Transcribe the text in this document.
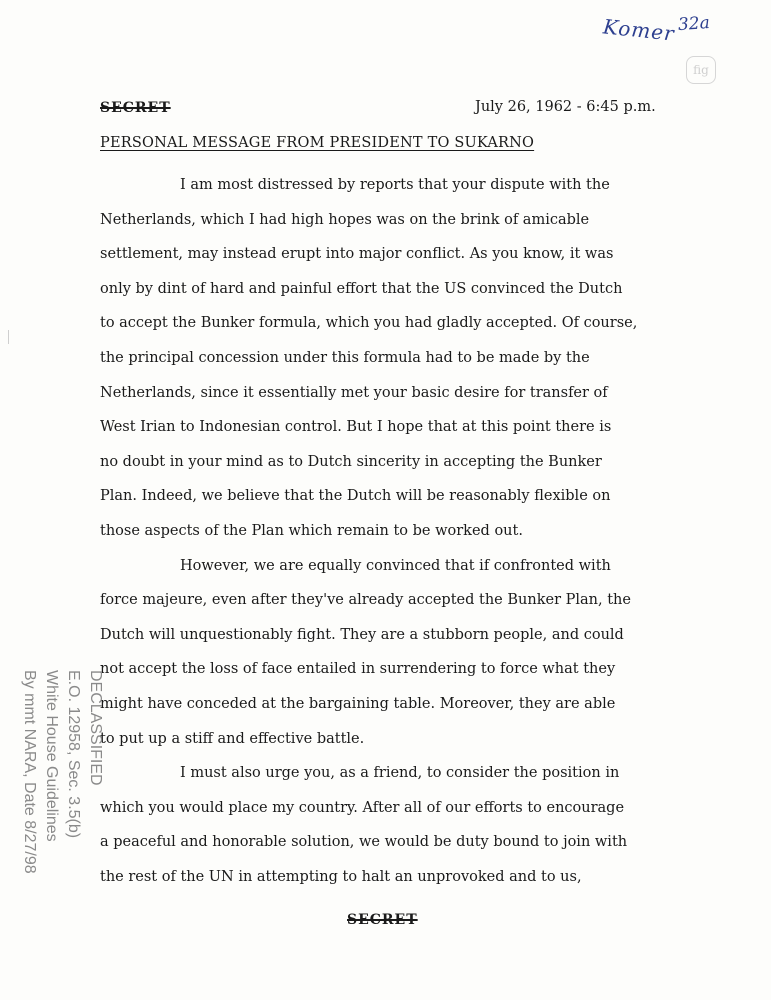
Komer 32a
fig
SECRET	July 26, 1962 - 6:45 p.m.
PERSONAL MESSAGE FROM PRESIDENT TO SUKARNO
I am most distressed by reports that your dispute with the
Netherlands, which I had high hopes was on the brink of amicable
settlement, may instead erupt into major conflict. As you know, it was
only by dint of hard and painful effort that the US convinced the Dutch
to accept the Bunker formula, which you had gladly accepted. Of course,
the principal concession under this formula had to be made by the
Netherlands, since it essentially met your basic desire for transfer of
West Irian to Indonesian control. But I hope that at this point there is
no doubt in your mind as to Dutch sincerity in accepting the Bunker
Plan. Indeed, we believe that the Dutch will be reasonably flexible on
those aspects of the Plan which remain to be worked out.
However, we are equally convinced that if confronted with
force majeure, even after they've already accepted the Bunker Plan, the
Dutch will unquestionably fight. They are a stubborn people, and could
not accept the loss of face entailed in surrendering to force what they
might have conceded at the bargaining table. Moreover, they are able
to put up a stiff and effective battle.
I must also urge you, as a friend, to consider the position in
which you would place my country. After all of our efforts to encourage
a peaceful and honorable solution, we would be duty bound to join with
the rest of the UN in attempting to halt an unprovoked and to us,
SECRET
DECLASSIFIED
E.O. 12958, Sec. 3.5(b)
White House Guidelines
By mmt NARA, Date 8/27/98
